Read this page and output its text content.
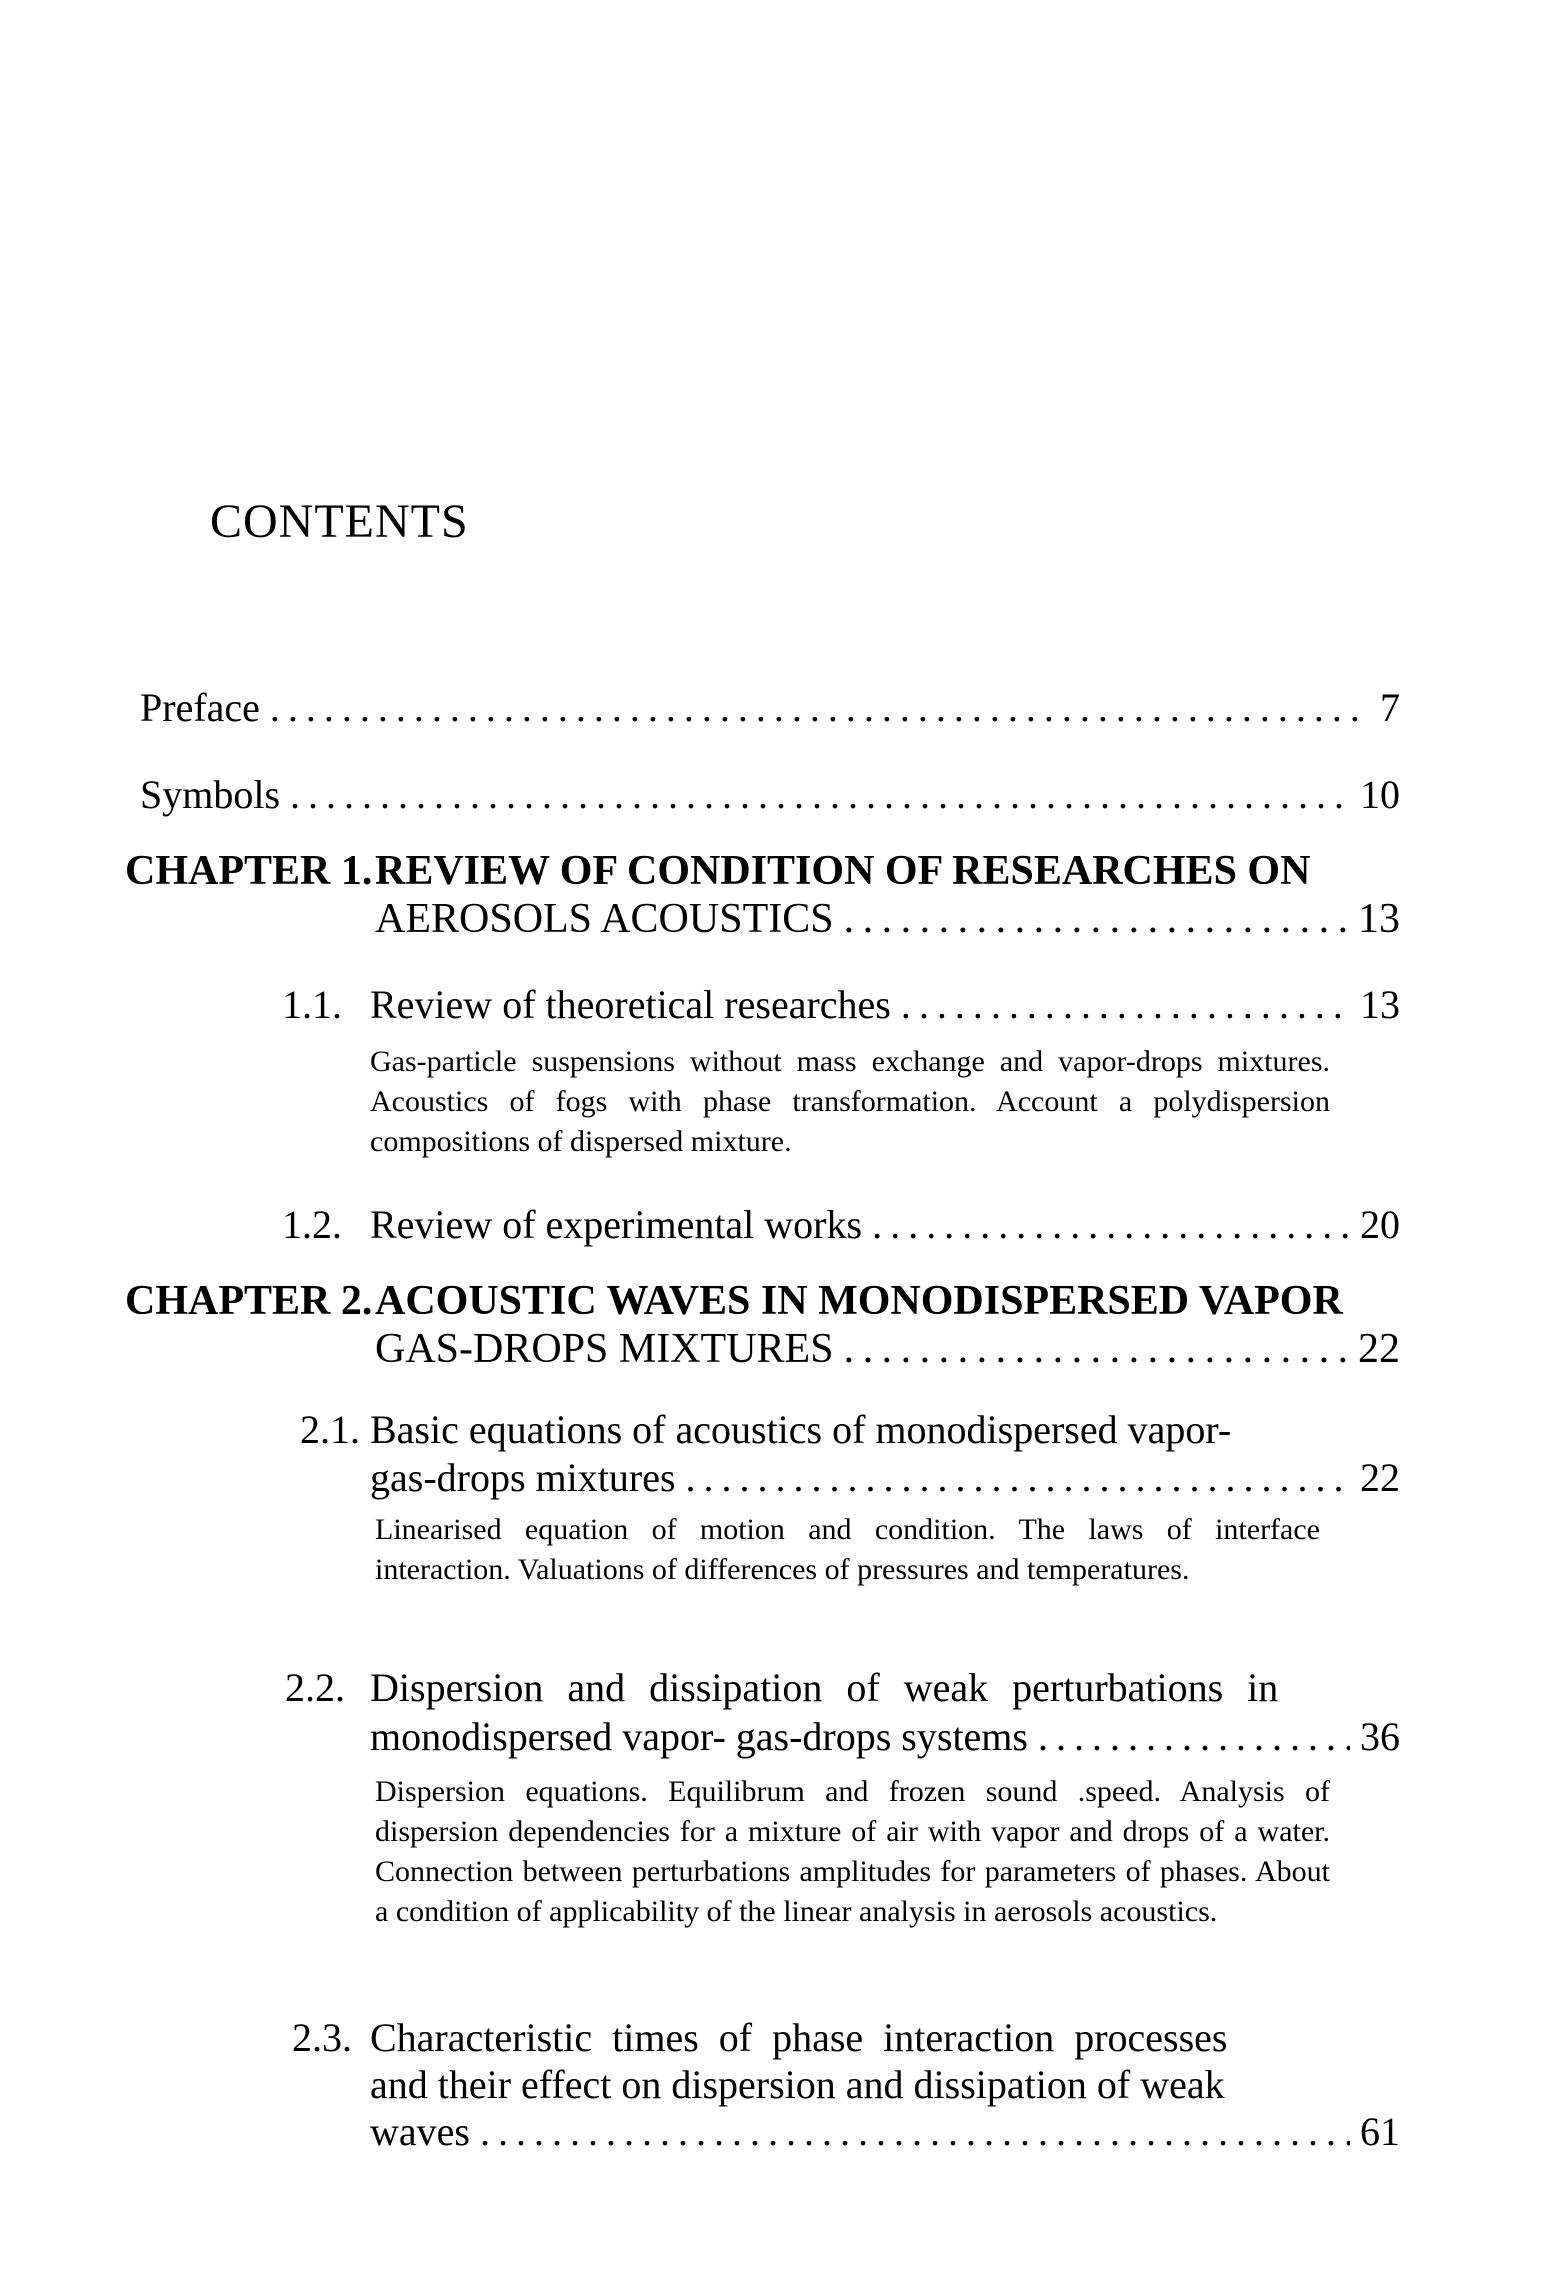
CONTENTS
Preface . . .	7
Symbols . . .	10
CHAPTER 1. REVIEW OF CONDITION OF RESEARCHES ON
AEROSOLS ACOUSTICS . . .	13
1.1. Review of theoretical researches . . .	13
Gas-particle suspensions without mass exchange and vapor-drops mixtures. Acoustics of fogs with phase transformation. Account a polydispersion compositions of dispersed mixture.
1.2. Review of experimental works . . .	20
CHAPTER 2. ACOUSTIC WAVES IN MONODISPERSED VAPOR
GAS-DROPS MIXTURES . . .	22
2.1. Basic equations of acoustics of monodispersed vapor-
gas-drops mixtures . . .	22
Linearised equation of motion and condition. The laws of interface interaction. Valuations of differences of pressures and temperatures.
2.2. Dispersion and dissipation of weak perturbations in
monodispersed vapor- gas-drops systems . . .	36
Dispersion equations. Equilibrum and frozen sound .speed. Analysis of dispersion dependencies for a mixture of air with vapor and drops of a water. Connection between perturbations amplitudes for parameters of phases. About a condition of applicability of the linear analysis in aerosols acoustics.
2.3. Characteristic times of phase interaction processes
and their effect on dispersion and dissipation of weak
waves . . .	61
